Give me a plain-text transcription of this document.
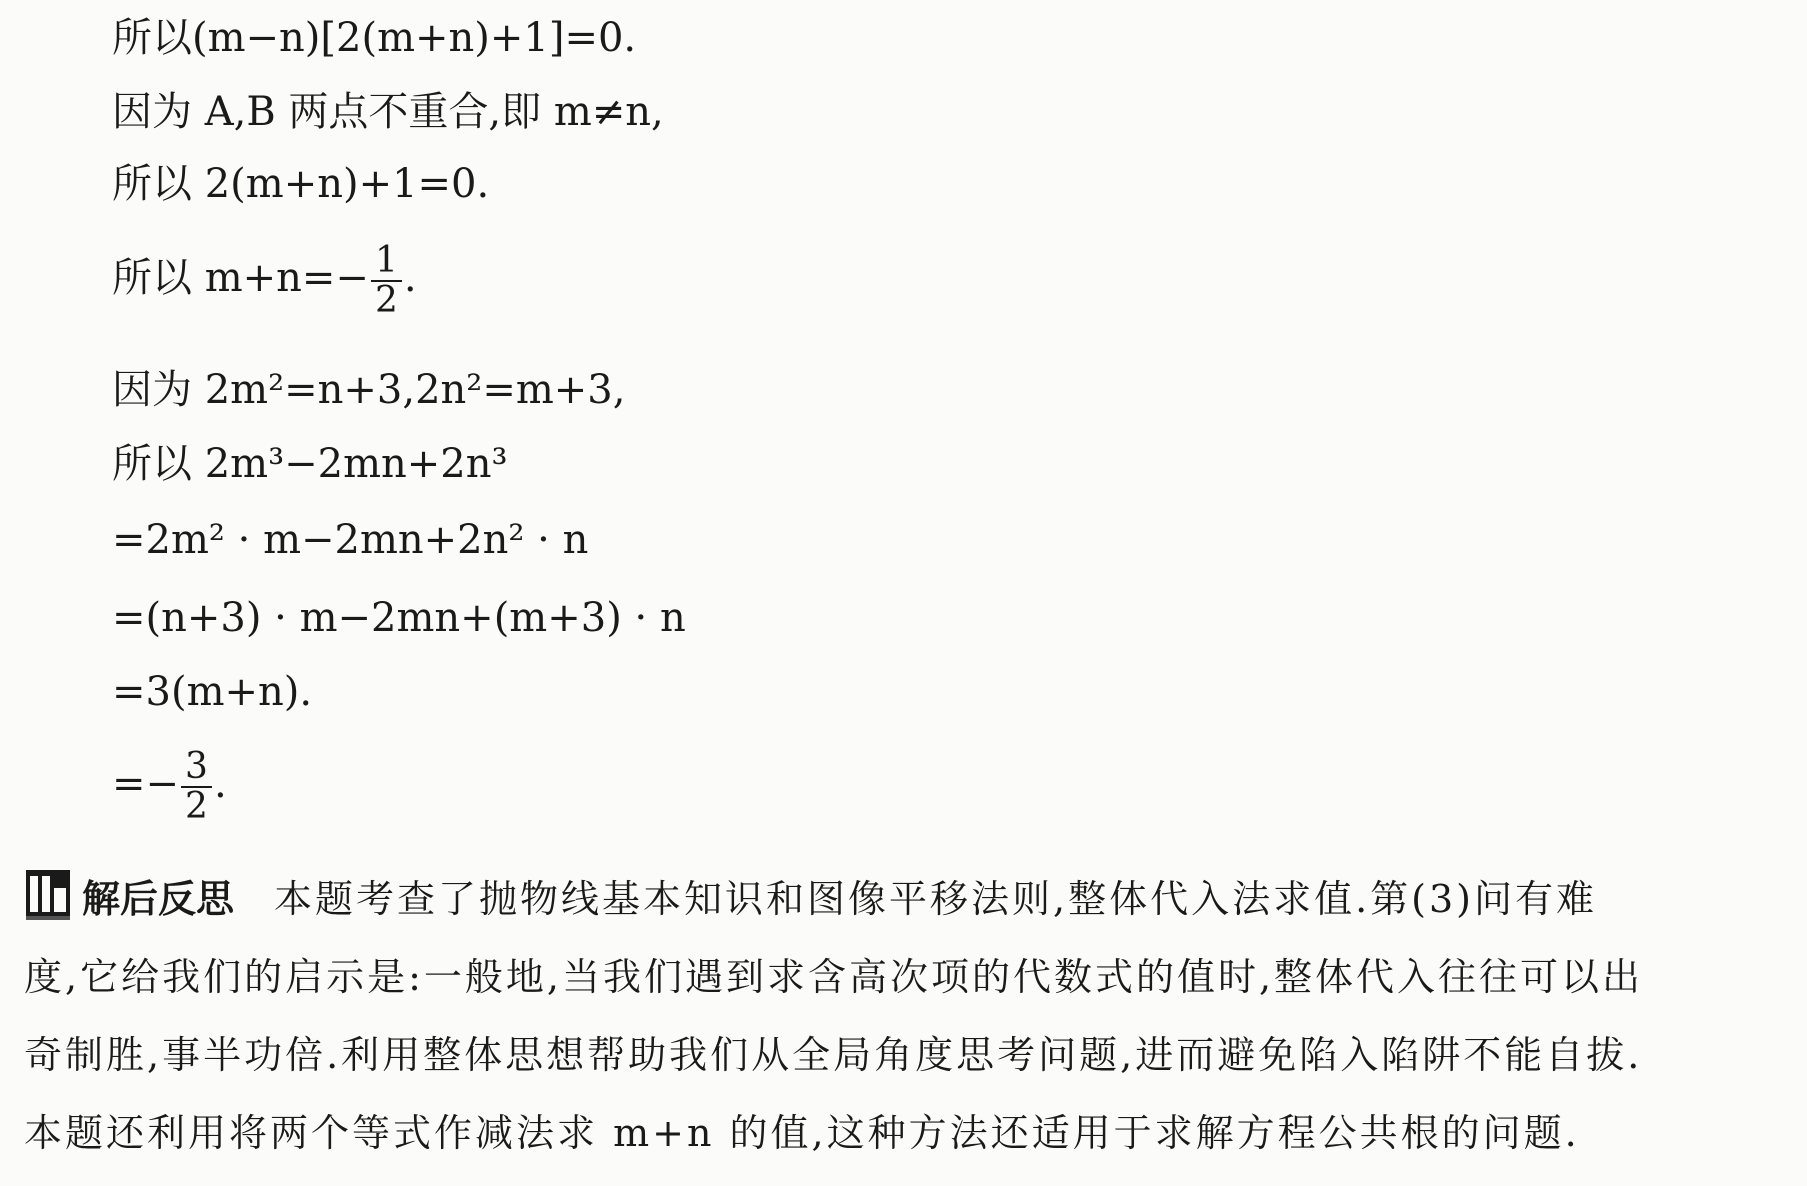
所以(m−n)[2(m+n)+1]=0.
因为 A,B 两点不重合,即 m≠n,
所以 2(m+n)+1=0.
所以 $m+n=- \frac{1}{2}$ .
因为 2m²=n+3,2n²=m+3,
所以 2m³−2mn+2n³
=2m² · m−2mn+2n² · n
=(n+3) · m−2mn+(m+3) · n
=3(m+n).
=− $\frac{3}{2}$ .

解后反思 本题考查了抛物线基本知识和图像平移法则,整体代入法求值.第(3)问有难

度,它给我们的启示是:一般地,当我们遇到求含高次项的代数式的值时,整体代入往往可以出

奇制胜,事半功倍.利用整体思想帮助我们从全局角度思考问题,进而避免陷入陷阱不能自拔.

本题还利用将两个等式作减法求 m+n 的值,这种方法还适用于求解方程公共根的问题.
